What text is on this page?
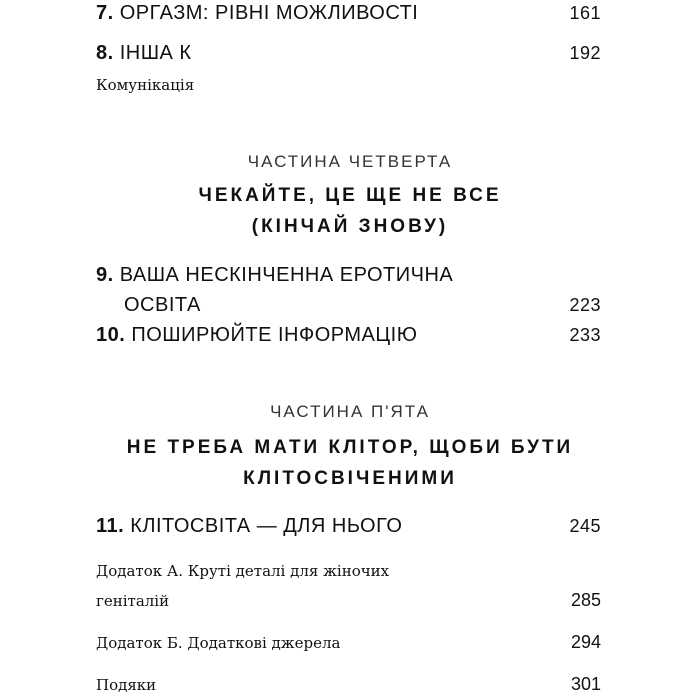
7. ОРГАЗМ: РІВНІ МОЖЛИВОСТІ	161
8. ІНША К	192
Комунікація
ЧАСТИНА ЧЕТВЕРТА
ЧЕКАЙТЕ, ЦЕ ЩЕ НЕ ВСЕ
(КІНЧАЙ ЗНОВУ)
9. ВАША НЕСКІНЧЕННА ЕРОТИЧНА
ОСВІТА	223
10. ПОШИРЮЙТЕ ІНФОРМАЦІЮ	233
ЧАСТИНА П'ЯТА
НЕ ТРЕБА МАТИ КЛІТОР, ЩОБИ БУТИ
КЛІТОСВІЧЕНИМИ
11. КЛІТОСВІТА — ДЛЯ НЬОГО	245
Додаток А. Круті деталі для жіночих
геніталій	285
Додаток Б. Додаткові джерела	294
Подяки	301
